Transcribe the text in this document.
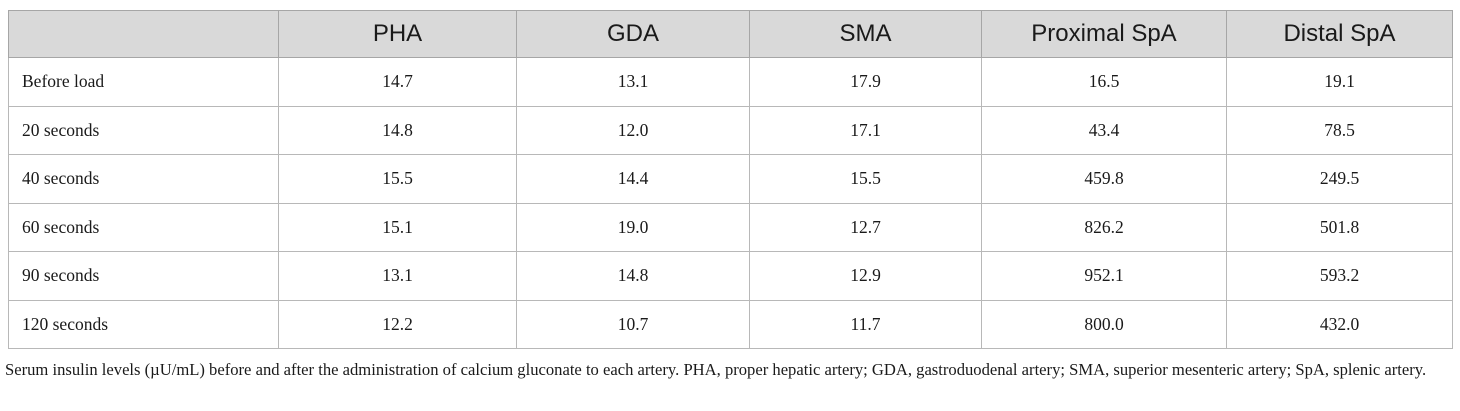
	PHA	GDA	SMA	Proximal SpA	Distal SpA
Before load	14.7	13.1	17.9	16.5	19.1
20 seconds	14.8	12.0	17.1	43.4	78.5
40 seconds	15.5	14.4	15.5	459.8	249.5
60 seconds	15.1	19.0	12.7	826.2	501.8
90 seconds	13.1	14.8	12.9	952.1	593.2
120 seconds	12.2	10.7	11.7	800.0	432.0

Serum insulin levels (µU/mL) before and after the administration of calcium gluconate to each artery. PHA, proper hepatic artery; GDA, gastroduodenal artery; SMA, superior mesenteric artery; SpA, splenic artery.
